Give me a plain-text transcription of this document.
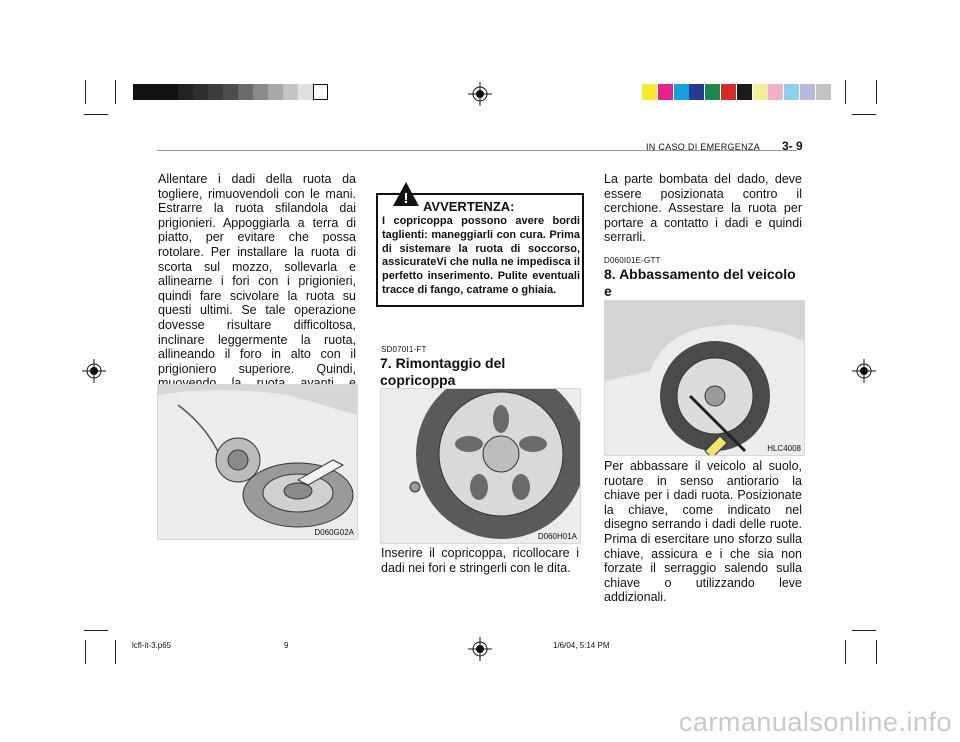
IN CASO DI EMERGENZA 3- 9
Allentare i dadi della ruota da togliere, rimuovendoli con le mani. Estrarre la ruota sfilandola dai prigionieri. Appoggiarla a terra di piatto, per evitare che possa rotolare. Per installare la ruota di scorta sul mozzo, sollevarla e allinearne i fori con i prigionieri, quindi fare scivolare la ruota su questi ultimi. Se tale operazione dovesse risultare difficoltosa, inclinare leggermente la ruota, allineando il foro in alto con il prigioniero superiore. Quindi,
D060G02A
! AVVERTENZA:
I copricoppa possono avere bordi taglienti: maneggiarli con cura. Prima di sistemare la ruota di soccorso, assicurateVi che nulla ne impedisca il perfetto inserimento. Pulite eventuali tracce di fango, catrame o ghiaia.
SD070I1-FT
7. Rimontaggio del copricoppa
D060H01A
Inserire il copricoppa, ricollocare i dadi nei fori e stringerli con le dita.
La parte bombata del dado, deve essere posizionata contro il cerchione. Assestare la ruota per portare a contatto i dadi e quindi serrarli.
D060I01E-GTT
8. Abbassamento del veicolo e
HLC4008
Per abbassare il veicolo al suolo, ruotare in senso antiorario la chiave per i dadi ruota. Posizionate la chiave, come indicato nel disegno serrando i dadi delle ruote. Prima di esercitare uno sforzo sulla chiave, assicura e i che sia non forzate il serraggio salendo sulla chiave o utilizzando leve addizionali.
lcfl-it-3.p65	9	1/6/04, 5:14 PM
carmanualsonline.info
